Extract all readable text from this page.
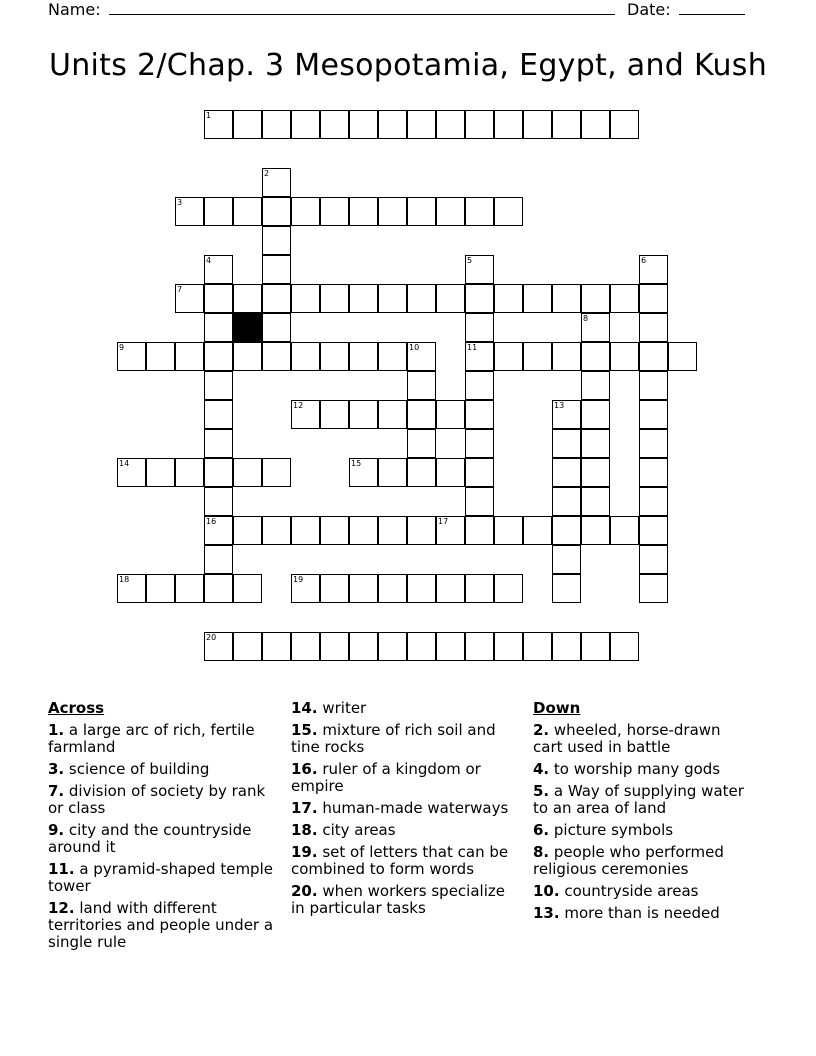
Name:	Date:
Units 2/Chap. 3 Mesopotamia, Egypt, and Kush
1
3
7
9	11
12
14	15
16	17
18	19
20
2
4	5	6
8
10
13
Across
1. a large arc of rich, fertile farmland
3. science of building
7. division of society by rank or class
9. city and the countryside around it
11. a pyramid-shaped temple tower
12. land with different territories and people under a single rule
14. writer
15. mixture of rich soil and tine rocks
16. ruler of a kingdom or empire
17. human-made waterways
18. city areas
19. set of letters that can be combined to form words
20. when workers specialize in particular tasks
Down
2. wheeled, horse-drawn cart used in battle
4. to worship many gods
5. a Way of supplying water to an area of land
6. picture symbols
8. people who performed religious ceremonies
10. countryside areas
13. more than is needed
